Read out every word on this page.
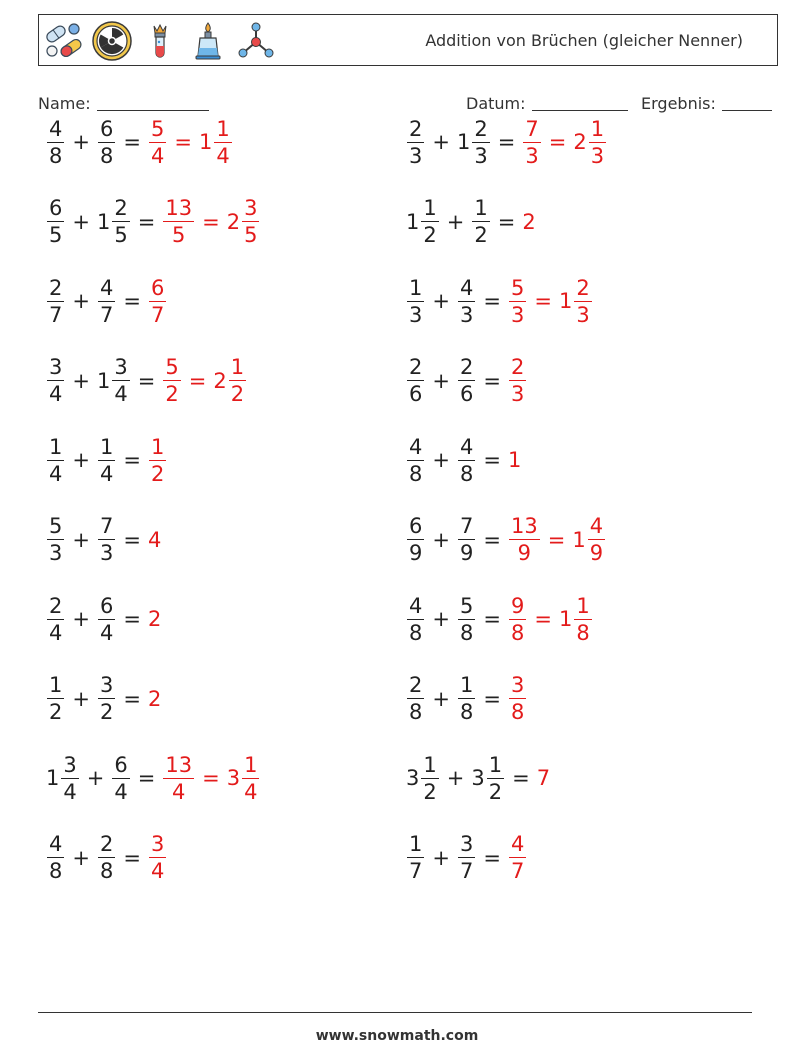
Addition von Brüchen (gleicher Nenner)
Name:	Datum:	Ergebnis:
$\frac{4}{8} + \frac{6}{8} = \frac{5}{4} = 1 \frac{1}{4}$
$\frac{6}{5} + 1 \frac{2}{5} = \frac{13}{5} = 2 \frac{3}{5}$
$\frac{2}{7} + \frac{4}{7} = \frac{6}{7}$
$\frac{3}{4} + 1 \frac{3}{4} = \frac{5}{2} = 2 \frac{1}{2}$
$\frac{1}{4} + \frac{1}{4} = \frac{1}{2}$
$\frac{5}{3} + \frac{7}{3} = 4$
$\frac{2}{4} + \frac{6}{4} = 2$
$\frac{1}{2} + \frac{3}{2} = 2$
$1 \frac{3}{4} + \frac{6}{4} = \frac{13}{4} = 3 \frac{1}{4}$
$\frac{4}{8} + \frac{2}{8} = \frac{3}{4}$
$\frac{2}{3} + 1 \frac{2}{3} = \frac{7}{3} = 2 \frac{1}{3}$
$1 \frac{1}{2} + \frac{1}{2} = 2$
$\frac{1}{3} + \frac{4}{3} = \frac{5}{3} = 1 \frac{2}{3}$
$\frac{2}{6} + \frac{2}{6} = \frac{2}{3}$
$\frac{4}{8} + \frac{4}{8} = 1$
$\frac{6}{9} + \frac{7}{9} = \frac{13}{9} = 1 \frac{4}{9}$
$\frac{4}{8} + \frac{5}{8} = \frac{9}{8} = 1 \frac{1}{8}$
$\frac{2}{8} + \frac{1}{8} = \frac{3}{8}$
$3 \frac{1}{2} + 3 \frac{1}{2} = 7$
$\frac{1}{7} + \frac{3}{7} = \frac{4}{7}$
www.snowmath.com
